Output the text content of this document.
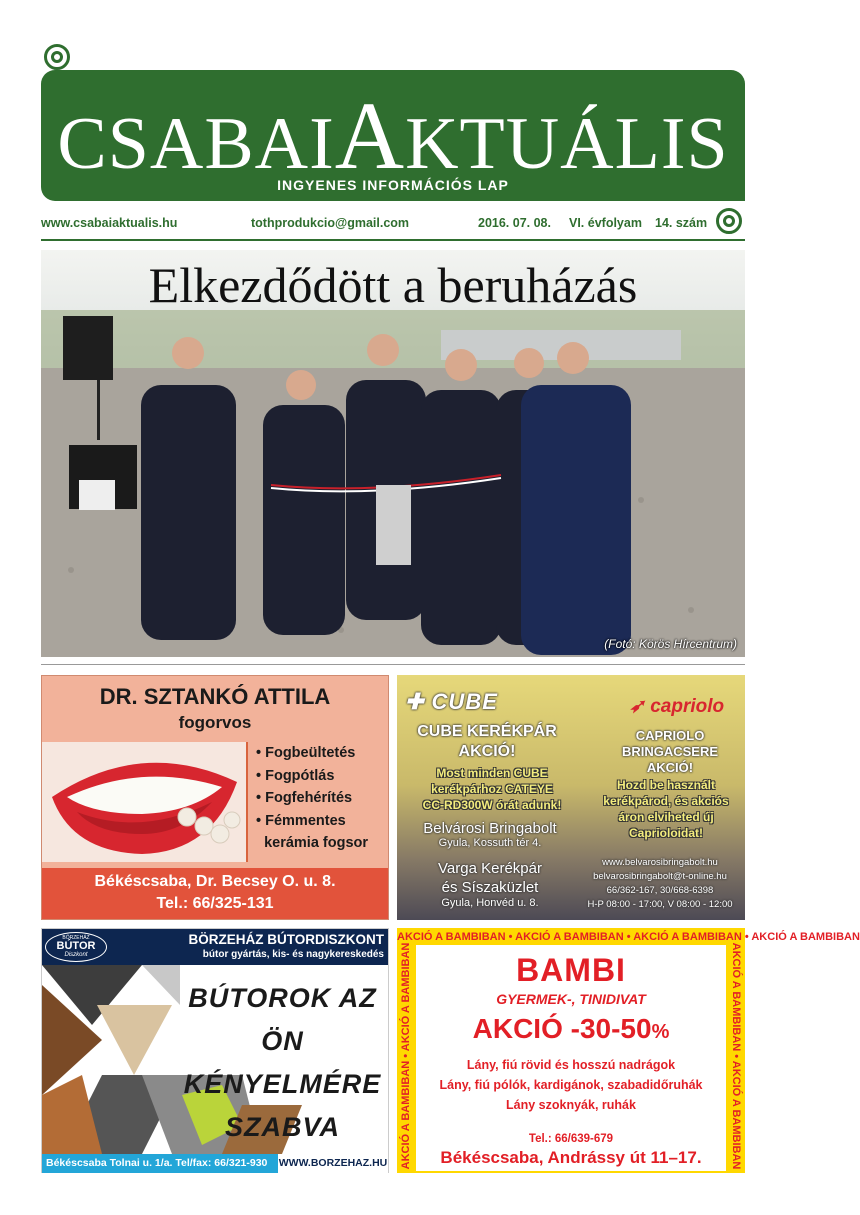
CSABAIAKTUÁLIS
INGYENES INFORMÁCIÓS LAP
www.csabaiaktualis.hu	tothprodukcio@gmail.com	2016. 07. 08. VI. évfolyam 14. szám
Elkezdődött a beruházás
(Fotó: Körös Hírcentrum)
DR. SZTANKÓ ATTILA
fogorvos
• Fogbeültetés
• Fogpótlás
• Fogfehérítés
• Fémmentes
kerámia fogsor
Békéscsaba, Dr. Becsey O. u. 8.
Tel.: 66/325-131
✚ CUBE	➶ capriolo
CUBE KERÉKPÁR
AKCIÓ!
Most minden CUBE
kerékpárhoz CATEYE
CC-RD300W órát adunk!
CAPRIOLO
BRINGACSERE
AKCIÓ!
Hozd be használt
kerékpárod, és akciós
áron elviheted új
Caprioloidat!
Belvárosi Bringabolt
Gyula, Kossuth tér 4.
Varga Kerékpár
és Síszaküzlet
Gyula, Honvéd u. 8.
www.belvarosibringabolt.hu
belvarosibringabolt@t-online.hu
66/362-167, 30/668-6398
H-P 08:00 - 17:00, V 08:00 - 12:00
BÖRZEHÁZ
BÚTOR
Diszkont
BÖRZEHÁZ BÚTORDISZKONT
bútor gyártás, kis- és nagykereskedés
BÚTOROK AZ ÖN
KÉNYELMÉRE
SZABVA
Békéscsaba Tolnai u. 1/a. Tel/fax: 66/321-930 WWW.BORZEHAZ.HU
AKCIÓ A BAMBIBAN • AKCIÓ A BAMBIBAN • AKCIÓ A BAMBIBAN • AKCIÓ A BAMBIBAN
AKCIÓ A BAMBIBAN • AKCIÓ A BAMBIBAN	AKCIÓ A BAMBIBAN • AKCIÓ A BAMBIBAN
BAMBI
GYERMEK-, TINIDIVAT
AKCIÓ -30-50%
Lány, fiú rövid és hosszú nadrágok
Lány, fiú pólók, kardigánok, szabadidőruhák
Lány szoknyák, ruhák
Tel.: 66/639-679
Békéscsaba, Andrássy út 11–17.
